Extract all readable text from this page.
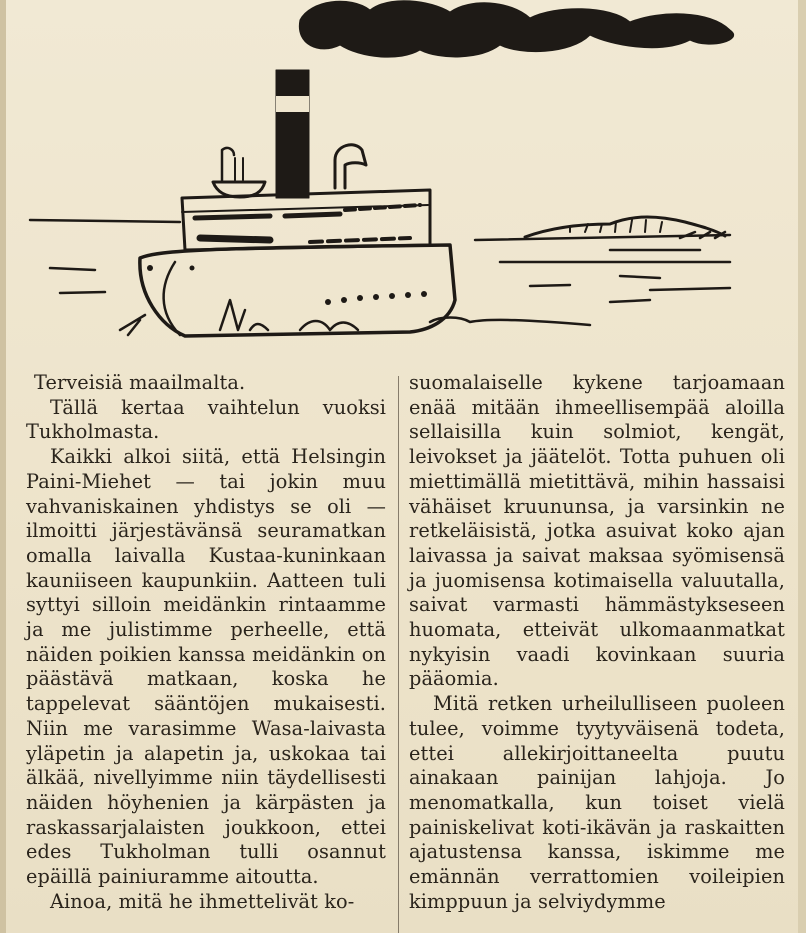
Terveisiä maailmalta.

Tällä kertaa vaihtelun vuoksi Tukholmasta.

Kaikki alkoi siitä, että Helsingin Paini-Miehet — tai jokin muu vahvaniskainen yhdistys se oli — ilmoitti järjestävänsä seuramatkan omalla laivalla Kustaa-kuninkaan kauniiseen kaupunkiin. Aatteen tuli syttyi silloin meidänkin rintaamme ja me julistimme perheelle, että näiden poikien kanssa meidänkin on päästävä matkaan, koska he tappelevat sääntöjen mukaisesti. Niin me varasimme Wasa-laivasta yläpetin ja alapetin ja, uskokaa tai älkää, nivellyimme niin täydellisesti näiden höyhenien ja kärpästen ja raskassarjalaisten joukkoon, ettei edes Tukholman tulli osannut epäillä painiuramme aitoutta.

Ainoa, mitä he ihmettelivät ko-

suomalaiselle kykene tarjoamaan enää mitään ihmeellisempää aloilla sellaisilla kuin solmiot, kengät, leivokset ja jäätelöt. Totta puhuen oli miettimällä mietittävä, mihin hassaisi vähäiset kruununsa, ja varsinkin ne retkeläisistä, jotka asuivat koko ajan laivassa ja saivat maksaa syömisensä ja juomisensa kotimaisella valuutalla, saivat varmasti hämmästykseseen huomata, etteivät ulkomaanmatkat nykyisin vaadi kovinkaan suuria pääomia.

Mitä retken urheilulliseen puoleen tulee, voimme tyytyväisenä todeta, ettei allekirjoittaneelta puutu ainakaan painijan lahjoja. Jo menomatkalla, kun toiset vielä painiskelivat koti-ikävän ja raskaitten ajatustensa kanssa, iskimme me emännän verrattomien voileipien kimppuun ja selviydymme
